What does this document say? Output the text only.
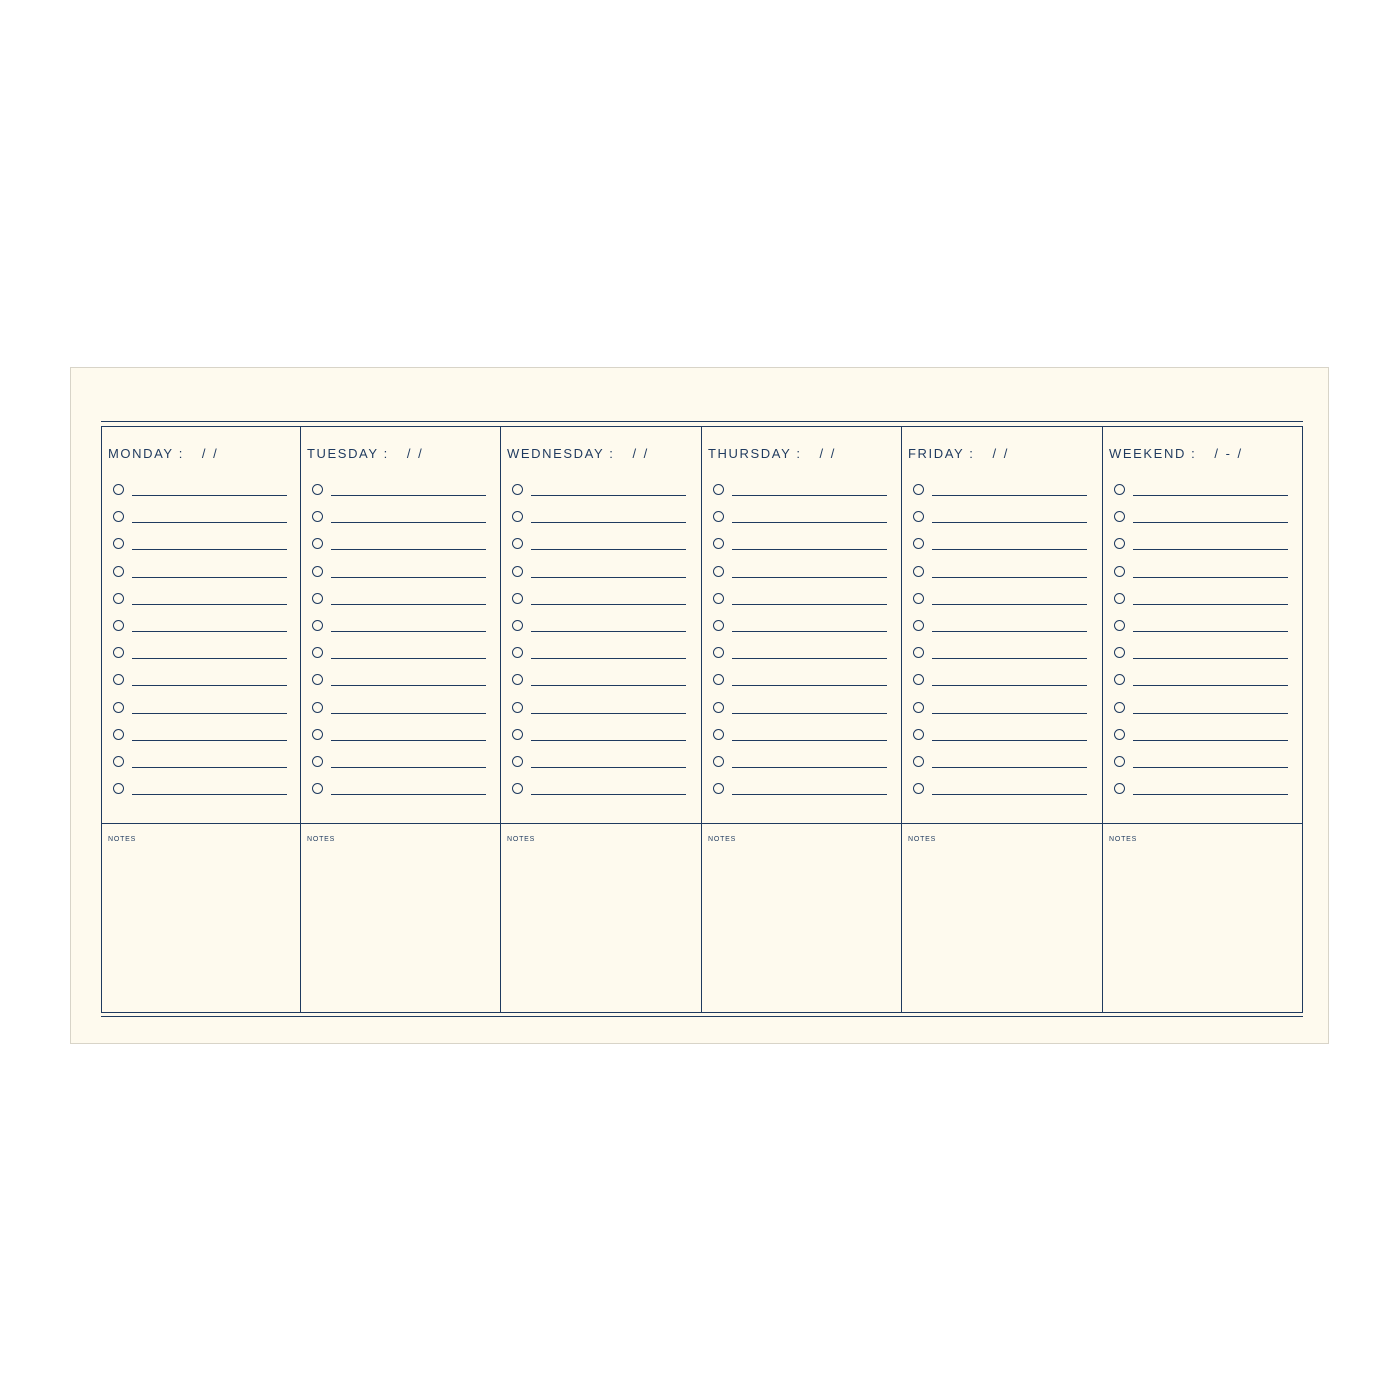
MONDAY : / /
NOTES
TUESDAY : / /
NOTES
WEDNESDAY : / /
NOTES
THURSDAY : / /
NOTES
FRIDAY : / /
NOTES
WEEKEND : / - /
NOTES
